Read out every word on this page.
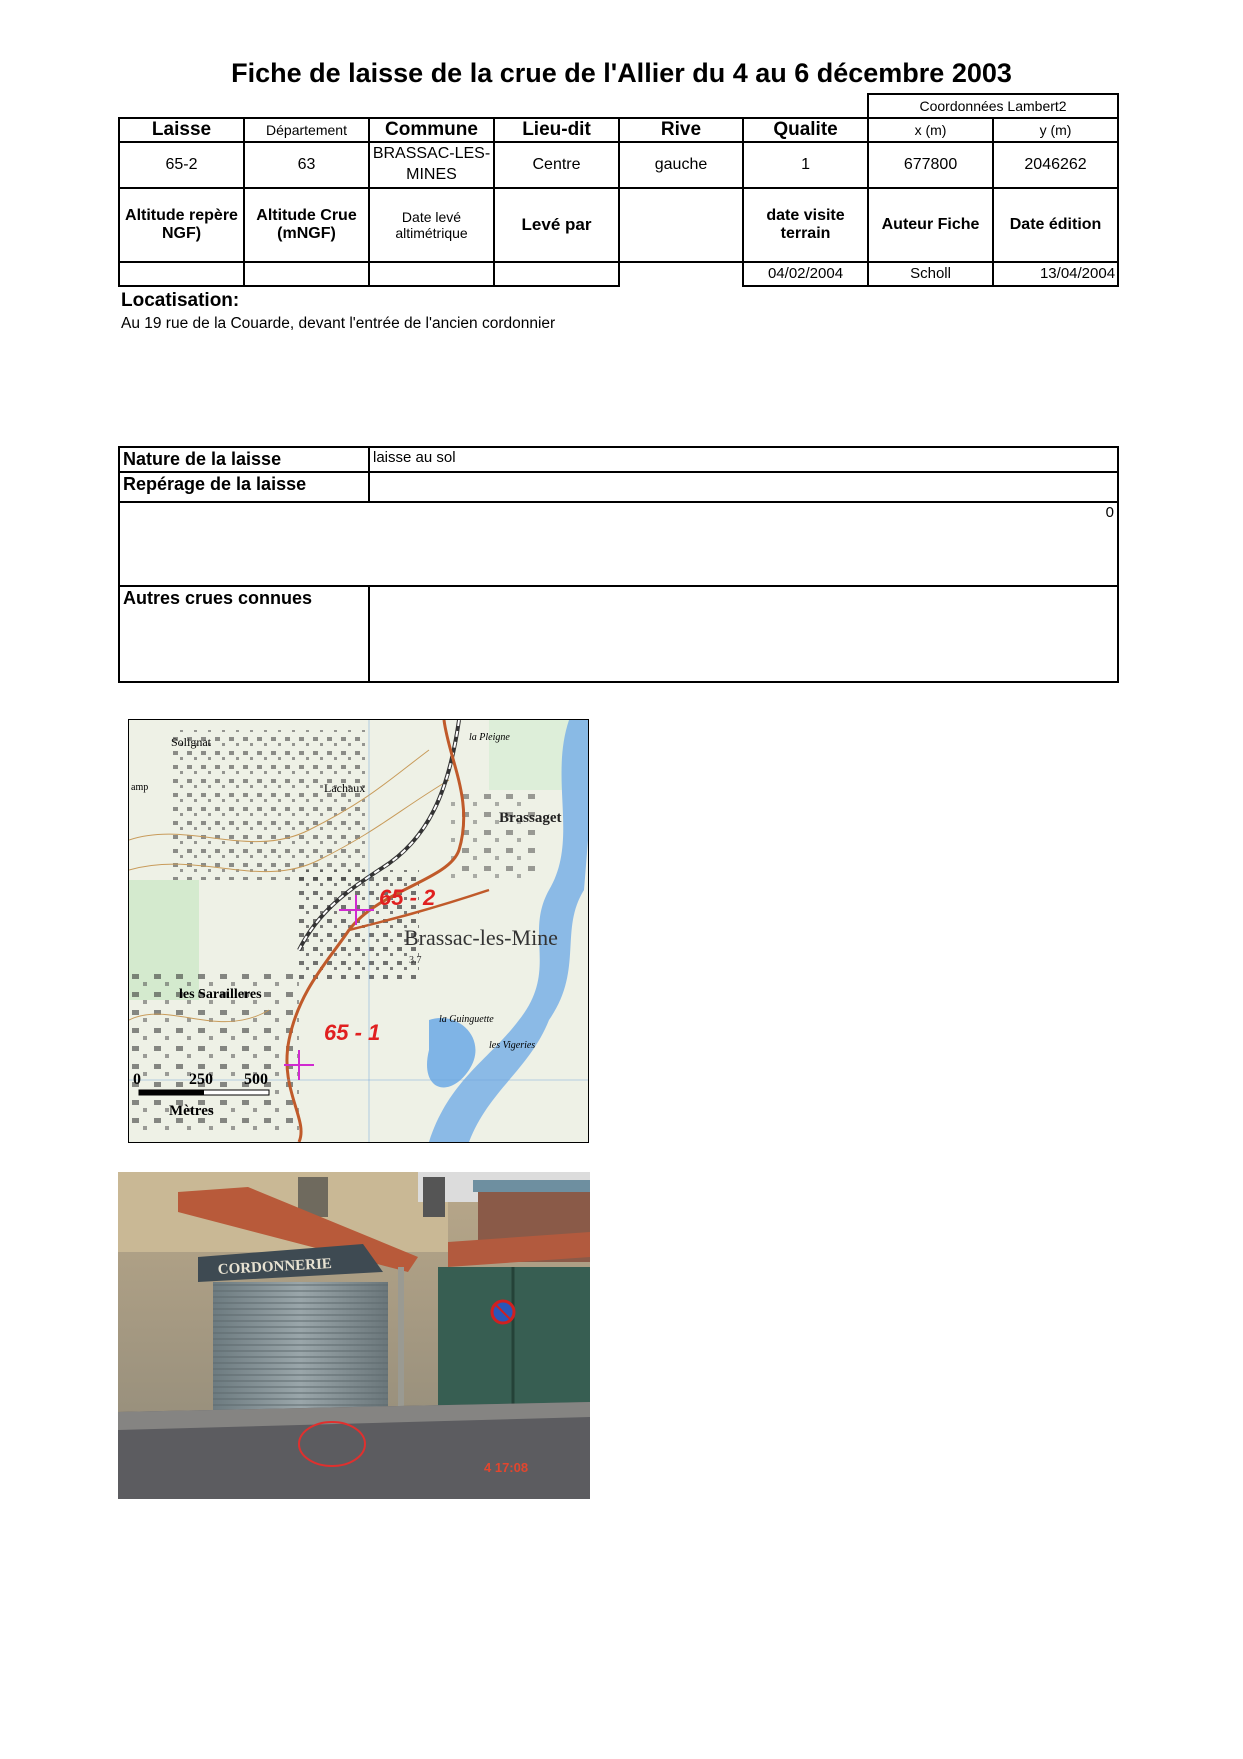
Fiche de laisse de la crue de l'Allier du 4 au 6 décembre 2003
						Coordonnées Lambert2	
Laisse	Département	Commune	Lieu-dit	Rive	Qualite	x (m)	y (m)
65-2	63	BRASSAC-LES-MINES	Centre	gauche	1	677800	2046262
Altitude repère NGF)	Altitude Crue (mNGF)	Date levé altimétrique	Levé par		date visite terrain	Auteur Fiche	Date édition
					04/02/2004	Scholl	13/04/2004
Locatisation:
Au 19 rue de la Couarde, devant l'entrée de l'ancien cordonnier
Nature de la laisse	laisse au sol
Repérage de la laisse	
0	
Autres crues connues	
Solignat
Lachaux
la Pleigne
Brassaget
Brassac-les-Mine
3.7
les Sarailleres
la Guinguette
les Vigeries
amp
65 - 2
65 - 1
0	250 500
Mètres
CORDONNERIE
4 17:08
